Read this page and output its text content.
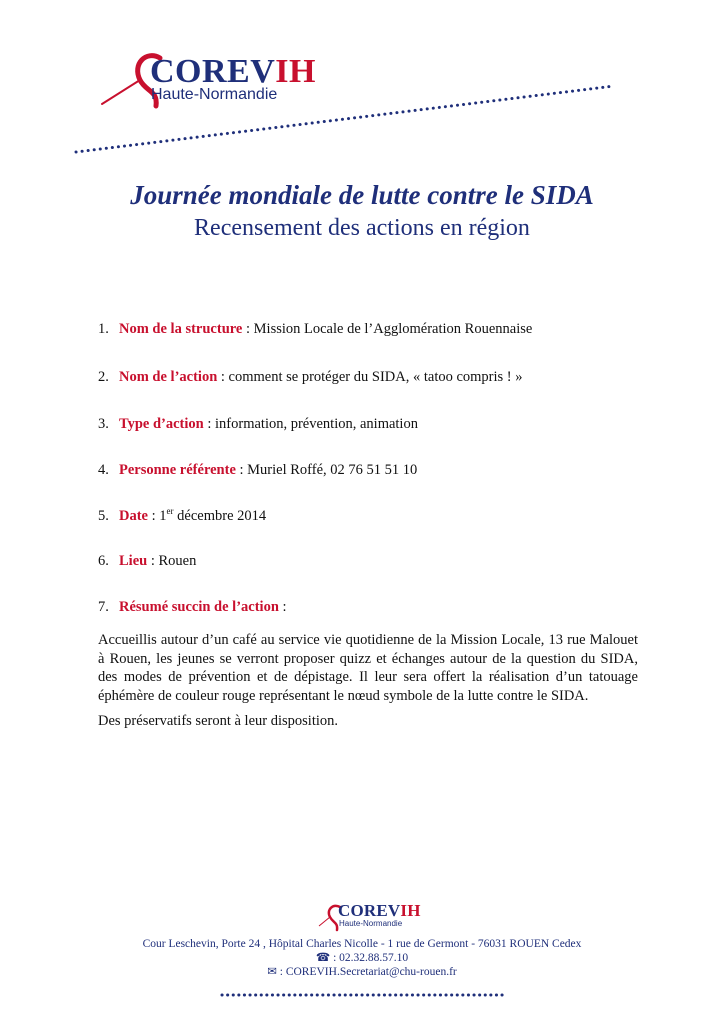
COREVIH
Haute-Normandie
Journée mondiale de lutte contre le SIDA
Recensement des actions en région
1. Nom de la structure : Mission Locale de l’Agglomération Rouennaise
2. Nom de l’action : comment se protéger du SIDA, « tatoo compris ! »
3. Type d’action : information, prévention, animation
4. Personne référente : Muriel Roffé, 02 76 51 51 10
5. Date : 1er décembre 2014
6. Lieu : Rouen
7. Résumé succin de l’action :

Accueillis autour d’un café au service vie quotidienne de la Mission Locale, 13 rue Malouet à Rouen, les jeunes se verront proposer quizz et échanges autour de la question du SIDA, des modes de prévention et de dépistage. Il leur sera offert la réalisation d’un tatouage éphémère de couleur rouge représentant le nœud symbole de la lutte contre le SIDA.

Des préservatifs seront à leur disposition.

COREVIH
Haute-Normandie
Cour Leschevin, Porte 24 , Hôpital Charles Nicolle - 1 rue de Germont - 76031 ROUEN Cedex
☎ : 02.32.88.57.10
✉ : COREVIH.Secretariat@chu-rouen.fr
